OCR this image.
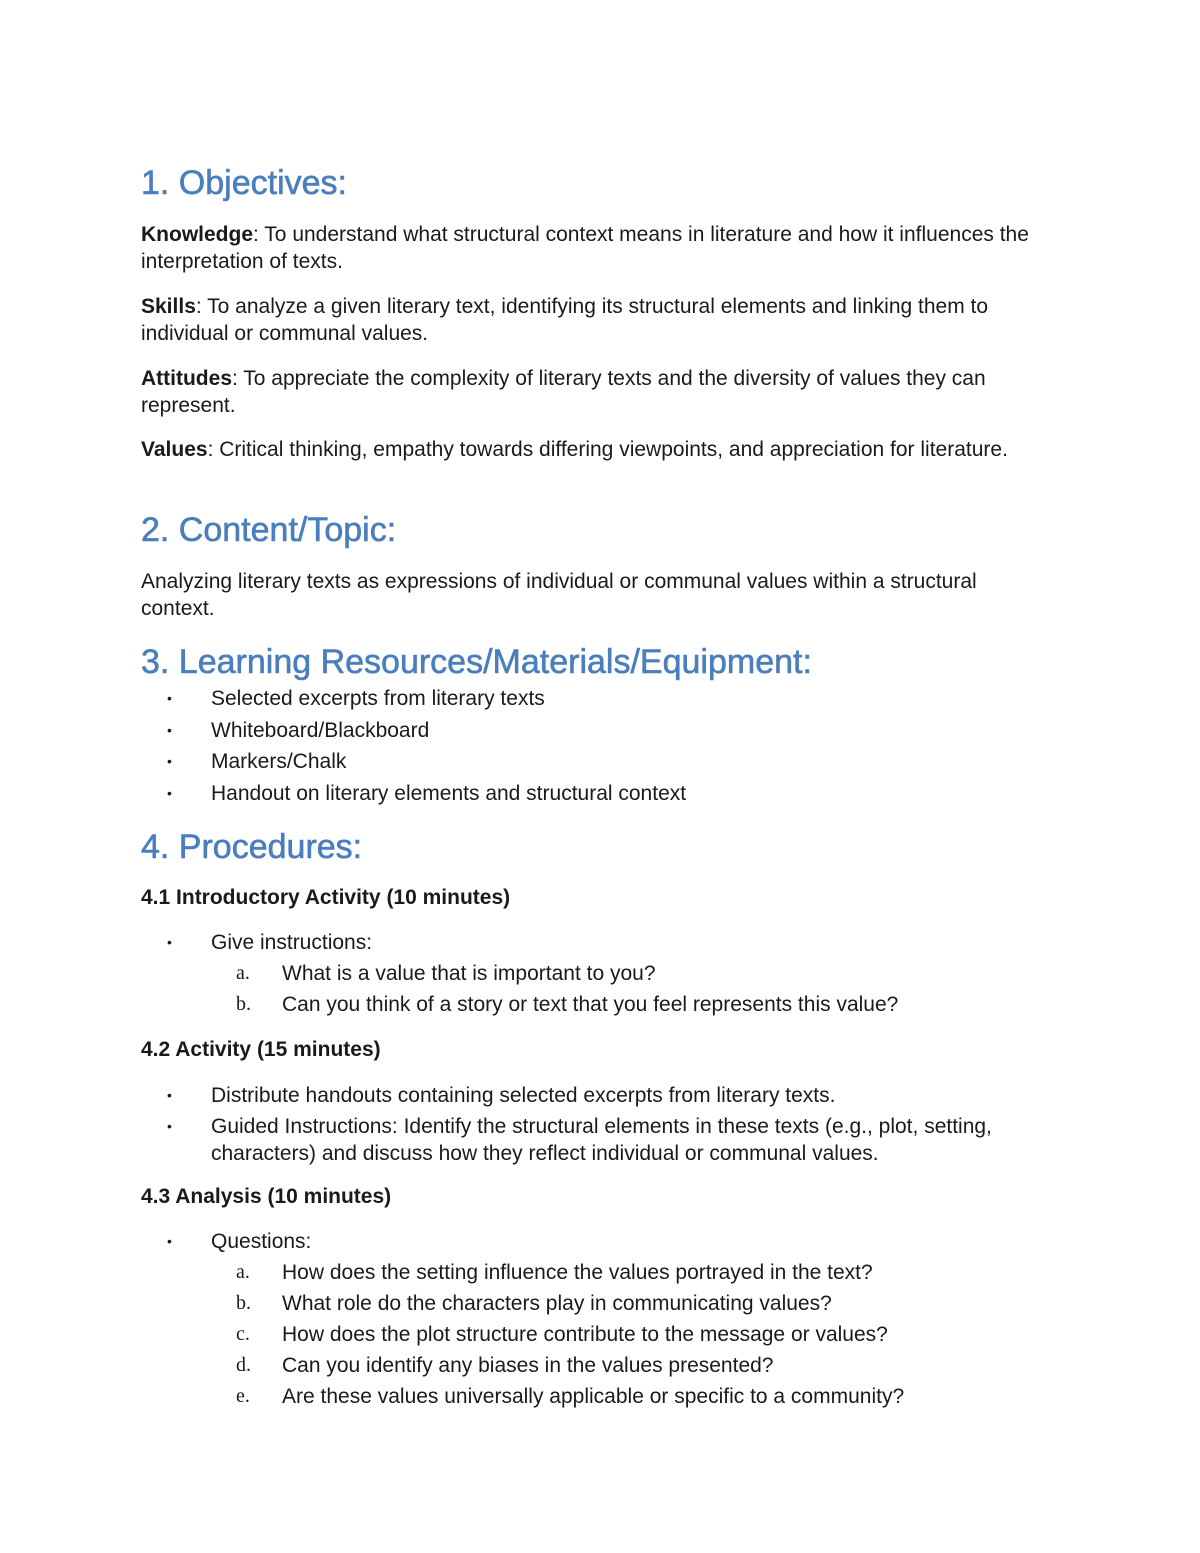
1. Objectives:

Knowledge: To understand what structural context means in literature and how it influences the interpretation of texts.

Skills: To analyze a given literary text, identifying its structural elements and linking them to individual or communal values.

Attitudes: To appreciate the complexity of literary texts and the diversity of values they can represent.

Values: Critical thinking, empathy towards differing viewpoints, and appreciation for literature.

2. Content/Topic:

Analyzing literary texts as expressions of individual or communal values within a structural context.

3. Learning Resources/Materials/Equipment:
• Selected excerpts from literary texts
• Whiteboard/Blackboard
• Markers/Chalk
• Handout on literary elements and structural context
4. Procedures:

4.1 Introductory Activity (10 minutes)

• Give instructions:
a. What is a value that is important to you?
b. Can you think of a story or text that you feel represents this value?

4.2 Activity (15 minutes)

• Distribute handouts containing selected excerpts from literary texts.
• Guided Instructions: Identify the structural elements in these texts (e.g., plot, setting, characters) and discuss how they reflect individual or communal values.

4.3 Analysis (10 minutes)

• Questions:
a. How does the setting influence the values portrayed in the text?
b. What role do the characters play in communicating values?
c. How does the plot structure contribute to the message or values?
d. Can you identify any biases in the values presented?
e. Are these values universally applicable or specific to a community?
